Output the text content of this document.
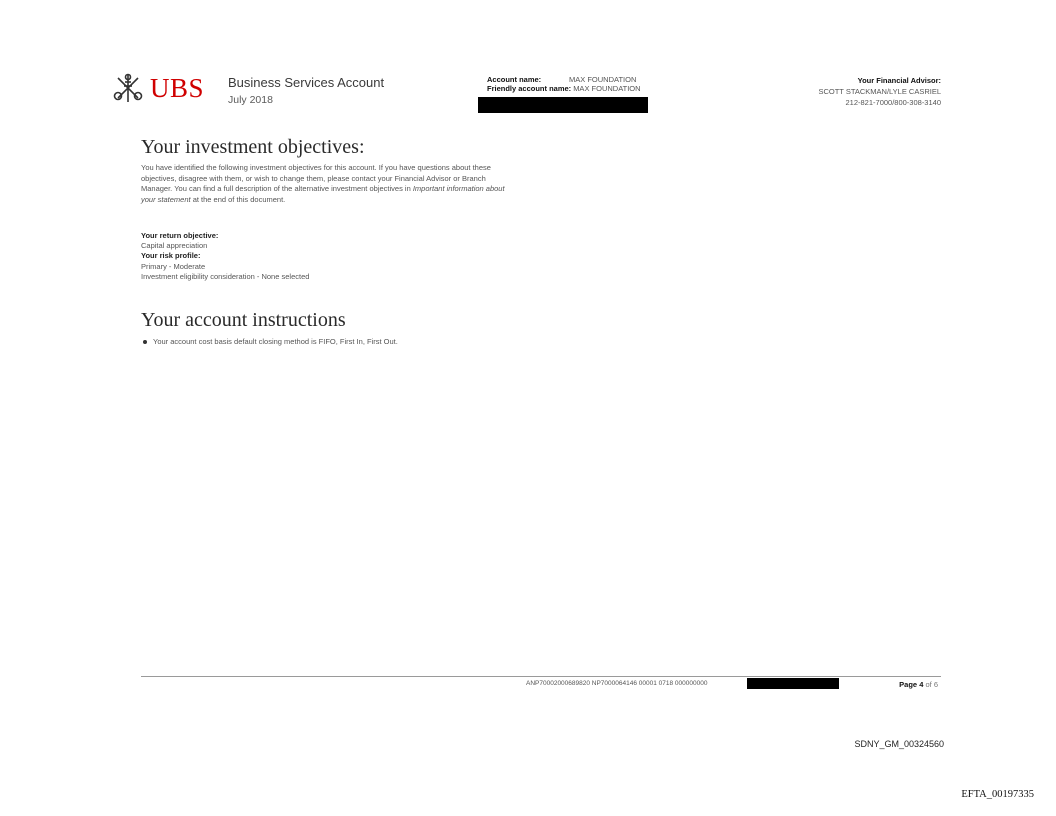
UBS Business Services Account
July 2018
Account name:	MAX FOUNDATION
Friendly account name: MAX FOUNDATION
Your Financial Advisor:
SCOTT STACKMAN/LYLE CASRIEL
212-821-7000/800-308-3140
Your investment objectives:
You have identified the following investment objectives for this account. If you have questions about these objectives, disagree with them, or wish to change them, please contact your Financial Advisor or Branch Manager. You can find a full description of the alternative investment objectives in Important information about your statement at the end of this document.
Your return objective:
Capital appreciation
Your risk profile:
Primary - Moderate
Investment eligibility consideration - None selected
Your account instructions
Your account cost basis default closing method is FIFO, First In, First Out.
ANP70002000689820 NP7000064146 00001 0718 000000000	Page 4 of 6
SDNY_GM_00324560
EFTA_00197335
